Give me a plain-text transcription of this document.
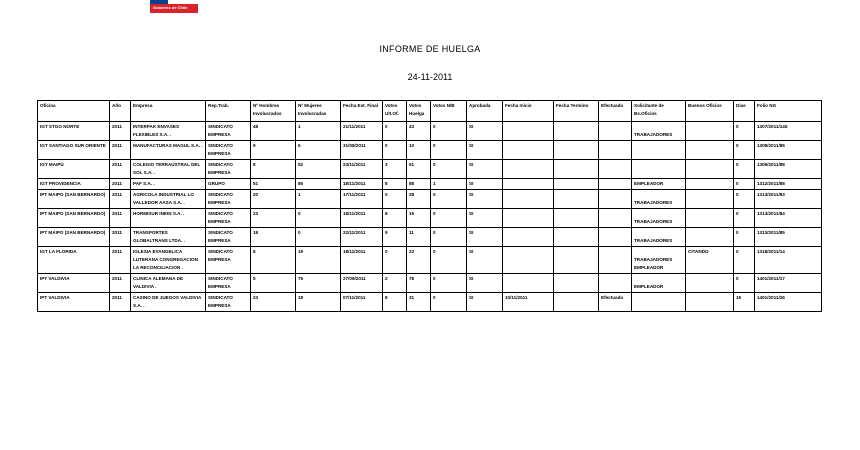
Gobierno de Chile
INFORME DE HUELGA
24-11-2011
Oficina	Año	Empresa	Rep.Trab.	Nº Hombres Involucrados	Nº Mujeres Involucradas	Fecha Est. Final	Votos Ult.Of.	Votos Huelga	Votos N/B	Aprobada	Fecha Inicio	Fecha Termino	Efectuada	Solicitante de Bs.Oficios	Buenos Oficios	Días	Folio NG
IGT STGO NORTE	2011	INTERPAK ENVASES FLEXIBLES S.A. .	SINDICATO EMPRESA	48	1	21/11/2011	0	43	0	SI				TRABAJADORES		0	1307/2011/145
IGT SANTIAGO SUR ORIENTE	2011	MANUFACTURAS MAGUL S.A. .	SINDICATO EMPRESA	9	5	31/08/2011	0	10	0	SI						0	1308/2011/85
IGT MAIPÚ	2011	COLEGIO TERRAUSTRAL DEL SOL S.A. .	SINDICATO EMPRESA	8	52	23/11/2011	3	51	0	SI						0	1309/2011/88
IGT PROVIDENCIA	2011	PAF S.A. .	GRUPO	51	86	18/11/2011	8	88	1	SI				EMPLEADOR		0	1312/2011/88
IPT MAIPO (SAN BERNARDO)	2011	AGRICOLA INDUSTRIAL LO VALLEDOR AASA S.A. .	SINDICATO EMPRESA	20	1	17/11/2011	0	28	0	SI				TRABAJADORES		0	1313/2011/83
IPT MAIPO (SAN BERNARDO)	2011	HORMISUR INEIN S.A. .	SINDICATO EMPRESA	23	0	18/11/2011	8	15	0	SI				TRABAJADORES		0	1313/2011/84
IPT MAIPO (SAN BERNARDO)	2011	TRANSPORTES GLOBALTRANS LTDA. .	SINDICATO EMPRESA	18	0	22/11/2011	9	11	0	SI				TRABAJADORES		0	1313/2011/85
IGT LA FLORIDA	2011	IGLESIA EVANGELICA LUTERANA CONGREGACION LA RECONCILIACION .	SINDICATO EMPRESA	8	19	18/11/2011	0	22	0	SI				TRABAJADORES EMPLEADOR	CITANDO	0	1318/2011/14
IPT VALDIVIA	2011	CLINICA ALEMANA DE VALDIVIA .	SINDICATO EMPRESA	5	75	27/09/2011	2	78	0	SI				EMPLEADOR		0	1401/2011/17
IPT VALDIVIA	2011	CASINO DE JUEGOS VALDIVIA S.A. .	SINDICATO EMPRESA	23	18	07/11/2011	8	31	0	SI	10/11/2011		Efectuada			15	1401/2011/26
